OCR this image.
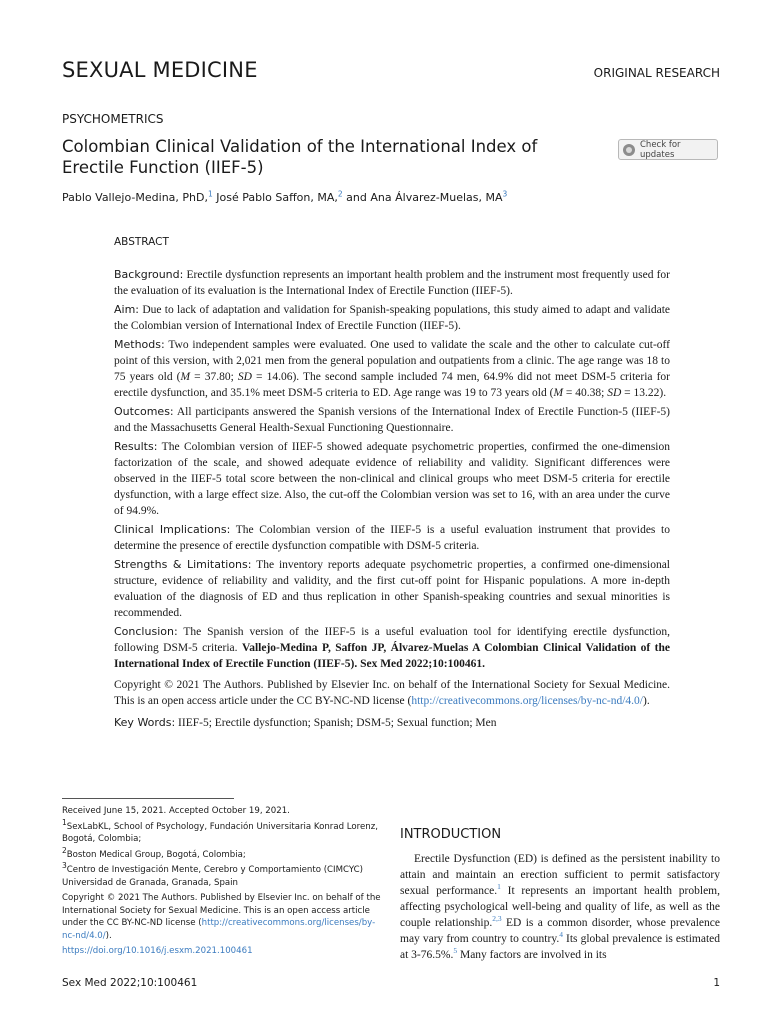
SEXUAL MEDICINE	ORIGINAL RESEARCH
PSYCHOMETRICS
Colombian Clinical Validation of the International Index of Erectile Function (IIEF-5)
Check for updates
Pablo Vallejo-Medina, PhD,$^1$ José Pablo Saffon, MA,$^2$ and Ana Álvarez-Muelas, $MA^3$
ABSTRACT

Background: Erectile dysfunction represents an important health problem and the instrument most frequently used for the evaluation of its evaluation is the International Index of Erectile Function (IIEF-5).

Aim: Due to lack of adaptation and validation for Spanish-speaking populations, this study aimed to adapt and validate the Colombian version of International Index of Erectile Function (IIEF-5).

Methods: Two independent samples were evaluated. One used to validate the scale and the other to calculate cut-off point of this version, with 2,021 men from the general population and outpatients from a clinic. The age range was 18 to 75 years old (M = 37.80; SD = 14.06). The second sample included 74 men, 64.9% did not meet DSM-5 criteria for erectile dysfunction, and 35.1% meet DSM-5 criteria to ED. Age range was 19 to 73 years old (M = 40.38; SD = 13.22).

Outcomes: All participants answered the Spanish versions of the International Index of Erectile Function-5 (IIEF-5) and the Massachusetts General Health-Sexual Functioning Questionnaire.

Results: The Colombian version of IIEF-5 showed adequate psychometric properties, confirmed the one-dimension factorization of the scale, and showed adequate evidence of reliability and validity. Significant differences were observed in the IIEF-5 total score between the non-clinical and clinical groups who meet DSM-5 criteria for erectile dysfunction, with a large effect size. Also, the cut-off the Colombian version was set to 16, with an area under the curve of 94.9%.

Clinical Implications: The Colombian version of the IIEF-5 is a useful evaluation instrument that provides to determine the presence of erectile dysfunction compatible with DSM-5 criteria.

Strengths & Limitations: The inventory reports adequate psychometric properties, a confirmed one-dimensional structure, evidence of reliability and validity, and the first cut-off point for Hispanic populations. A more in-depth evaluation of the diagnosis of ED and thus replication in other Spanish-speaking countries and sexual minorities is recommended.

Conclusion: The Spanish version of the IIEF-5 is a useful evaluation tool for identifying erectile dysfunction, following DSM-5 criteria. Vallejo-Medina P, Saffon JP, Álvarez-Muelas A Colombian Clinical Validation of the International Index of Erectile Function (IIEF-5). Sex Med 2022;10:100461.

Copyright © 2021 The Authors. Published by Elsevier Inc. on behalf of the International Society for Sexual Medicine. This is an open access article under the CC BY-NC-ND license (http://creativecommons.org/licenses/by-nc-nd/4.0/).

Key Words: IIEF-5; Erectile dysfunction; Spanish; DSM-5; Sexual function; Men

Received June 15, 2021. Accepted October 19, 2021.

$^1$SexLabKL, School of Psychology, Fundación Universitaria Konrad Lorenz, Bogotá, Colombia;

$^2$Boston Medical Group, Bogotá, Colombia;

$^3$Centro de Investigación Mente, Cerebro y Comportamiento (CIMCYC) Universidad de Granada, Granada, Spain

Copyright © 2021 The Authors. Published by Elsevier Inc. on behalf of the International Society for Sexual Medicine. This is an open access article under the CC BY-NC-ND license (http://creativecommons.org/licenses/by-nc-nd/4.0/).

https://doi.org/10.1016/j.esxm.2021.100461

INTRODUCTION
Erectile Dysfunction (ED) is defined as the persistent inability to attain and maintain an erection sufficient to permit satisfactory sexual performance.$^1$ It represents an important health problem, affecting psychological well-being and quality of life, as well as the couple relationship.$^{2,3}$ ED is a common disorder, whose prevalence may vary from country to country.$^4$ Its global prevalence is estimated at 3-76.5%.$^5$ Many factors are involved in its
Sex Med 2022;10:100461	1
